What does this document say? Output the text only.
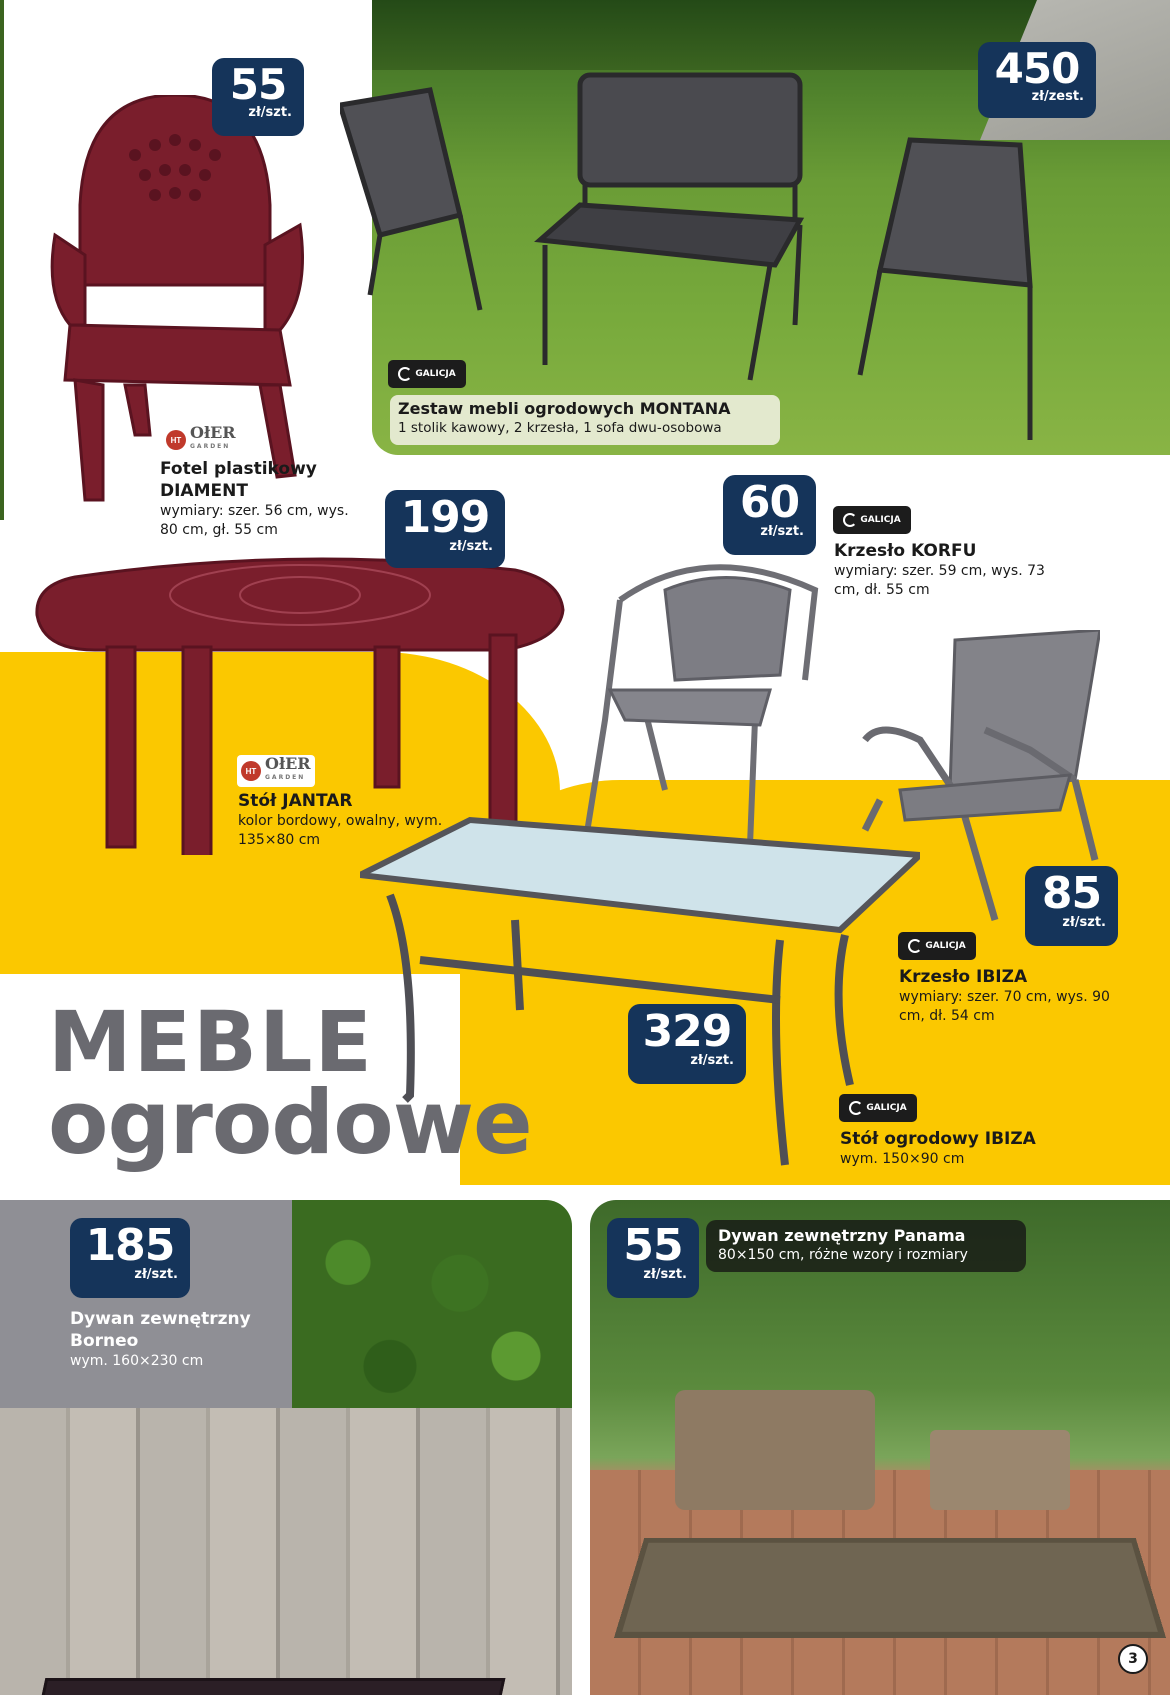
HT OłER
GARDEN
HT OłER
GARDEN
GALICJA
GALICJA
GALICJA
GALICJA
Fotel plastikowy DIAMENT
wymiary: szer. 56 cm, wys. 80 cm, gł. 55 cm
Zestaw mebli ogrodowych MONTANA
1 stolik kawowy, 2 krzesła, 1 sofa dwu-osobowa
Krzesło KORFU
wymiary: szer. 59 cm, wys. 73 cm, dł. 55 cm
Stół JANTAR
kolor bordowy, owalny, wym. 135×80 cm
Krzesło IBIZA
wymiary: szer. 70 cm, wys. 90 cm, dł. 54 cm
Stół ogrodowy IBIZA
wym. 150×90 cm
Dywan zewnętrzny Borneo
wym. 160×230 cm
Dywan zewnętrzny Panama
80×150 cm, różne wzory i rozmiary
55
zł/szt.
450
zł/zest.
199
zł/szt.
60
zł/szt.
85
zł/szt.
329
zł/szt.
185
zł/szt.
55
zł/szt.
MEBLE
ogrodowe
3
